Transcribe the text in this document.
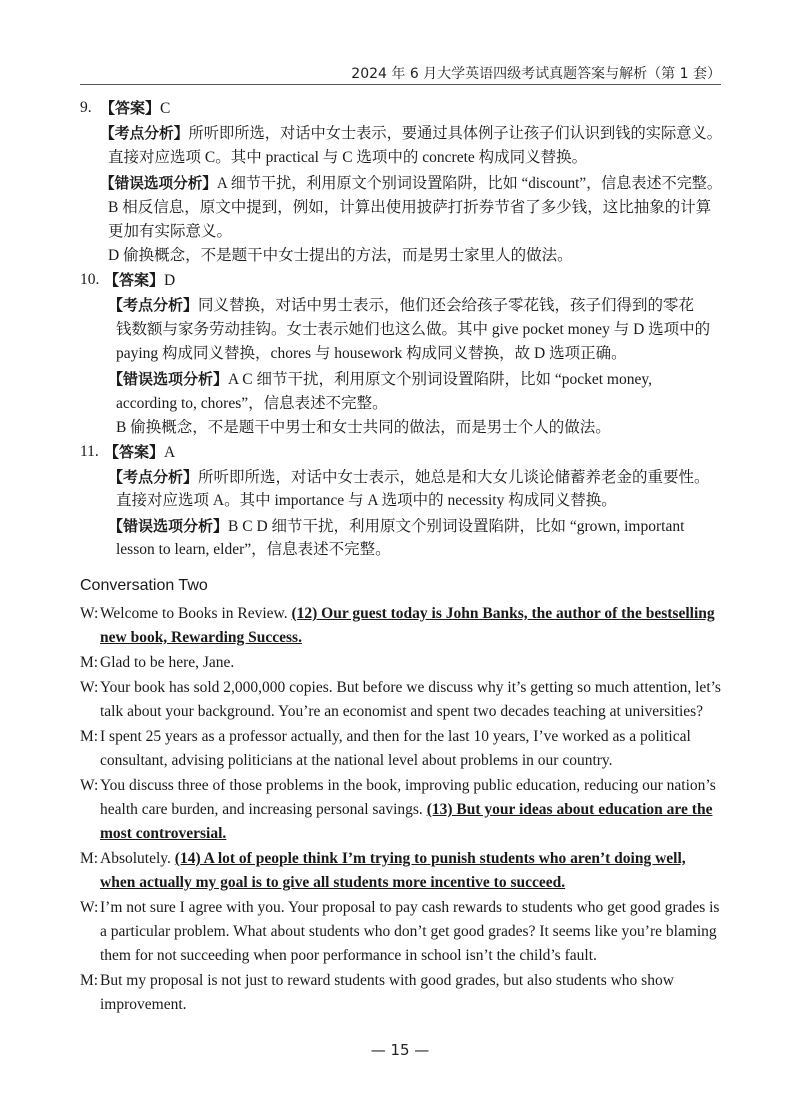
2024 年 6 月大学英语四级考试真题答案与解析（第 1 套）
9. 【答案】C
【考点分析】所听即所选，对话中女士表示，要通过具体例子让孩子们认识到钱的实际意义。
直接对应选项 C。其中 practical 与 C 选项中的 concrete 构成同义替换。
【错误选项分析】A 细节干扰，利用原文个别词设置陷阱，比如 “discount”，信息表述不完整。
B 相反信息，原文中提到，例如，计算出使用披萨打折券节省了多少钱，这比抽象的计算
更加有实际意义。
D 偷换概念，不是题干中女士提出的方法，而是男士家里人的做法。
10. 【答案】D
【考点分析】同义替换，对话中男士表示，他们还会给孩子零花钱，孩子们得到的零花
钱数额与家务劳动挂钩。女士表示她们也这么做。其中 give pocket money 与 D 选项中的
paying 构成同义替换，chores 与 housework 构成同义替换，故 D 选项正确。
【错误选项分析】A C 细节干扰，利用原文个别词设置陷阱，比如 “pocket money,
according to, chores”，信息表述不完整。
B 偷换概念，不是题干中男士和女士共同的做法，而是男士个人的做法。
11. 【答案】A
【考点分析】所听即所选，对话中女士表示，她总是和大女儿谈论储蓄养老金的重要性。
直接对应选项 A。其中 importance 与 A 选项中的 necessity 构成同义替换。
【错误选项分析】B C D 细节干扰，利用原文个别词设置陷阱，比如 “grown, important
lesson to learn, elder”，信息表述不完整。
Conversation Two
W: Welcome to Books in Review. (12) Our guest today is John Banks, the author of the bestselling
new book, Rewarding Success.
M: Glad to be here, Jane.
W: Your book has sold 2,000,000 copies. But before we discuss why it’s getting so much attention, let’s
talk about your background. You’re an economist and spent two decades teaching at universities?
M: I spent 25 years as a professor actually, and then for the last 10 years, I’ve worked as a political
consultant, advising politicians at the national level about problems in our country.
W: You discuss three of those problems in the book, improving public education, reducing our nation’s
health care burden, and increasing personal savings. (13) But your ideas about education are the
most controversial.
M: Absolutely. (14) A lot of people think I’m trying to punish students who aren’t doing well,
when actually my goal is to give all students more incentive to succeed.
W: I’m not sure I agree with you. Your proposal to pay cash rewards to students who get good grades is
a particular problem. What about students who don’t get good grades? It seems like you’re blaming
them for not succeeding when poor performance in school isn’t the child’s fault.
M: But my proposal is not just to reward students with good grades, but also students who show
improvement.
— 15 —
